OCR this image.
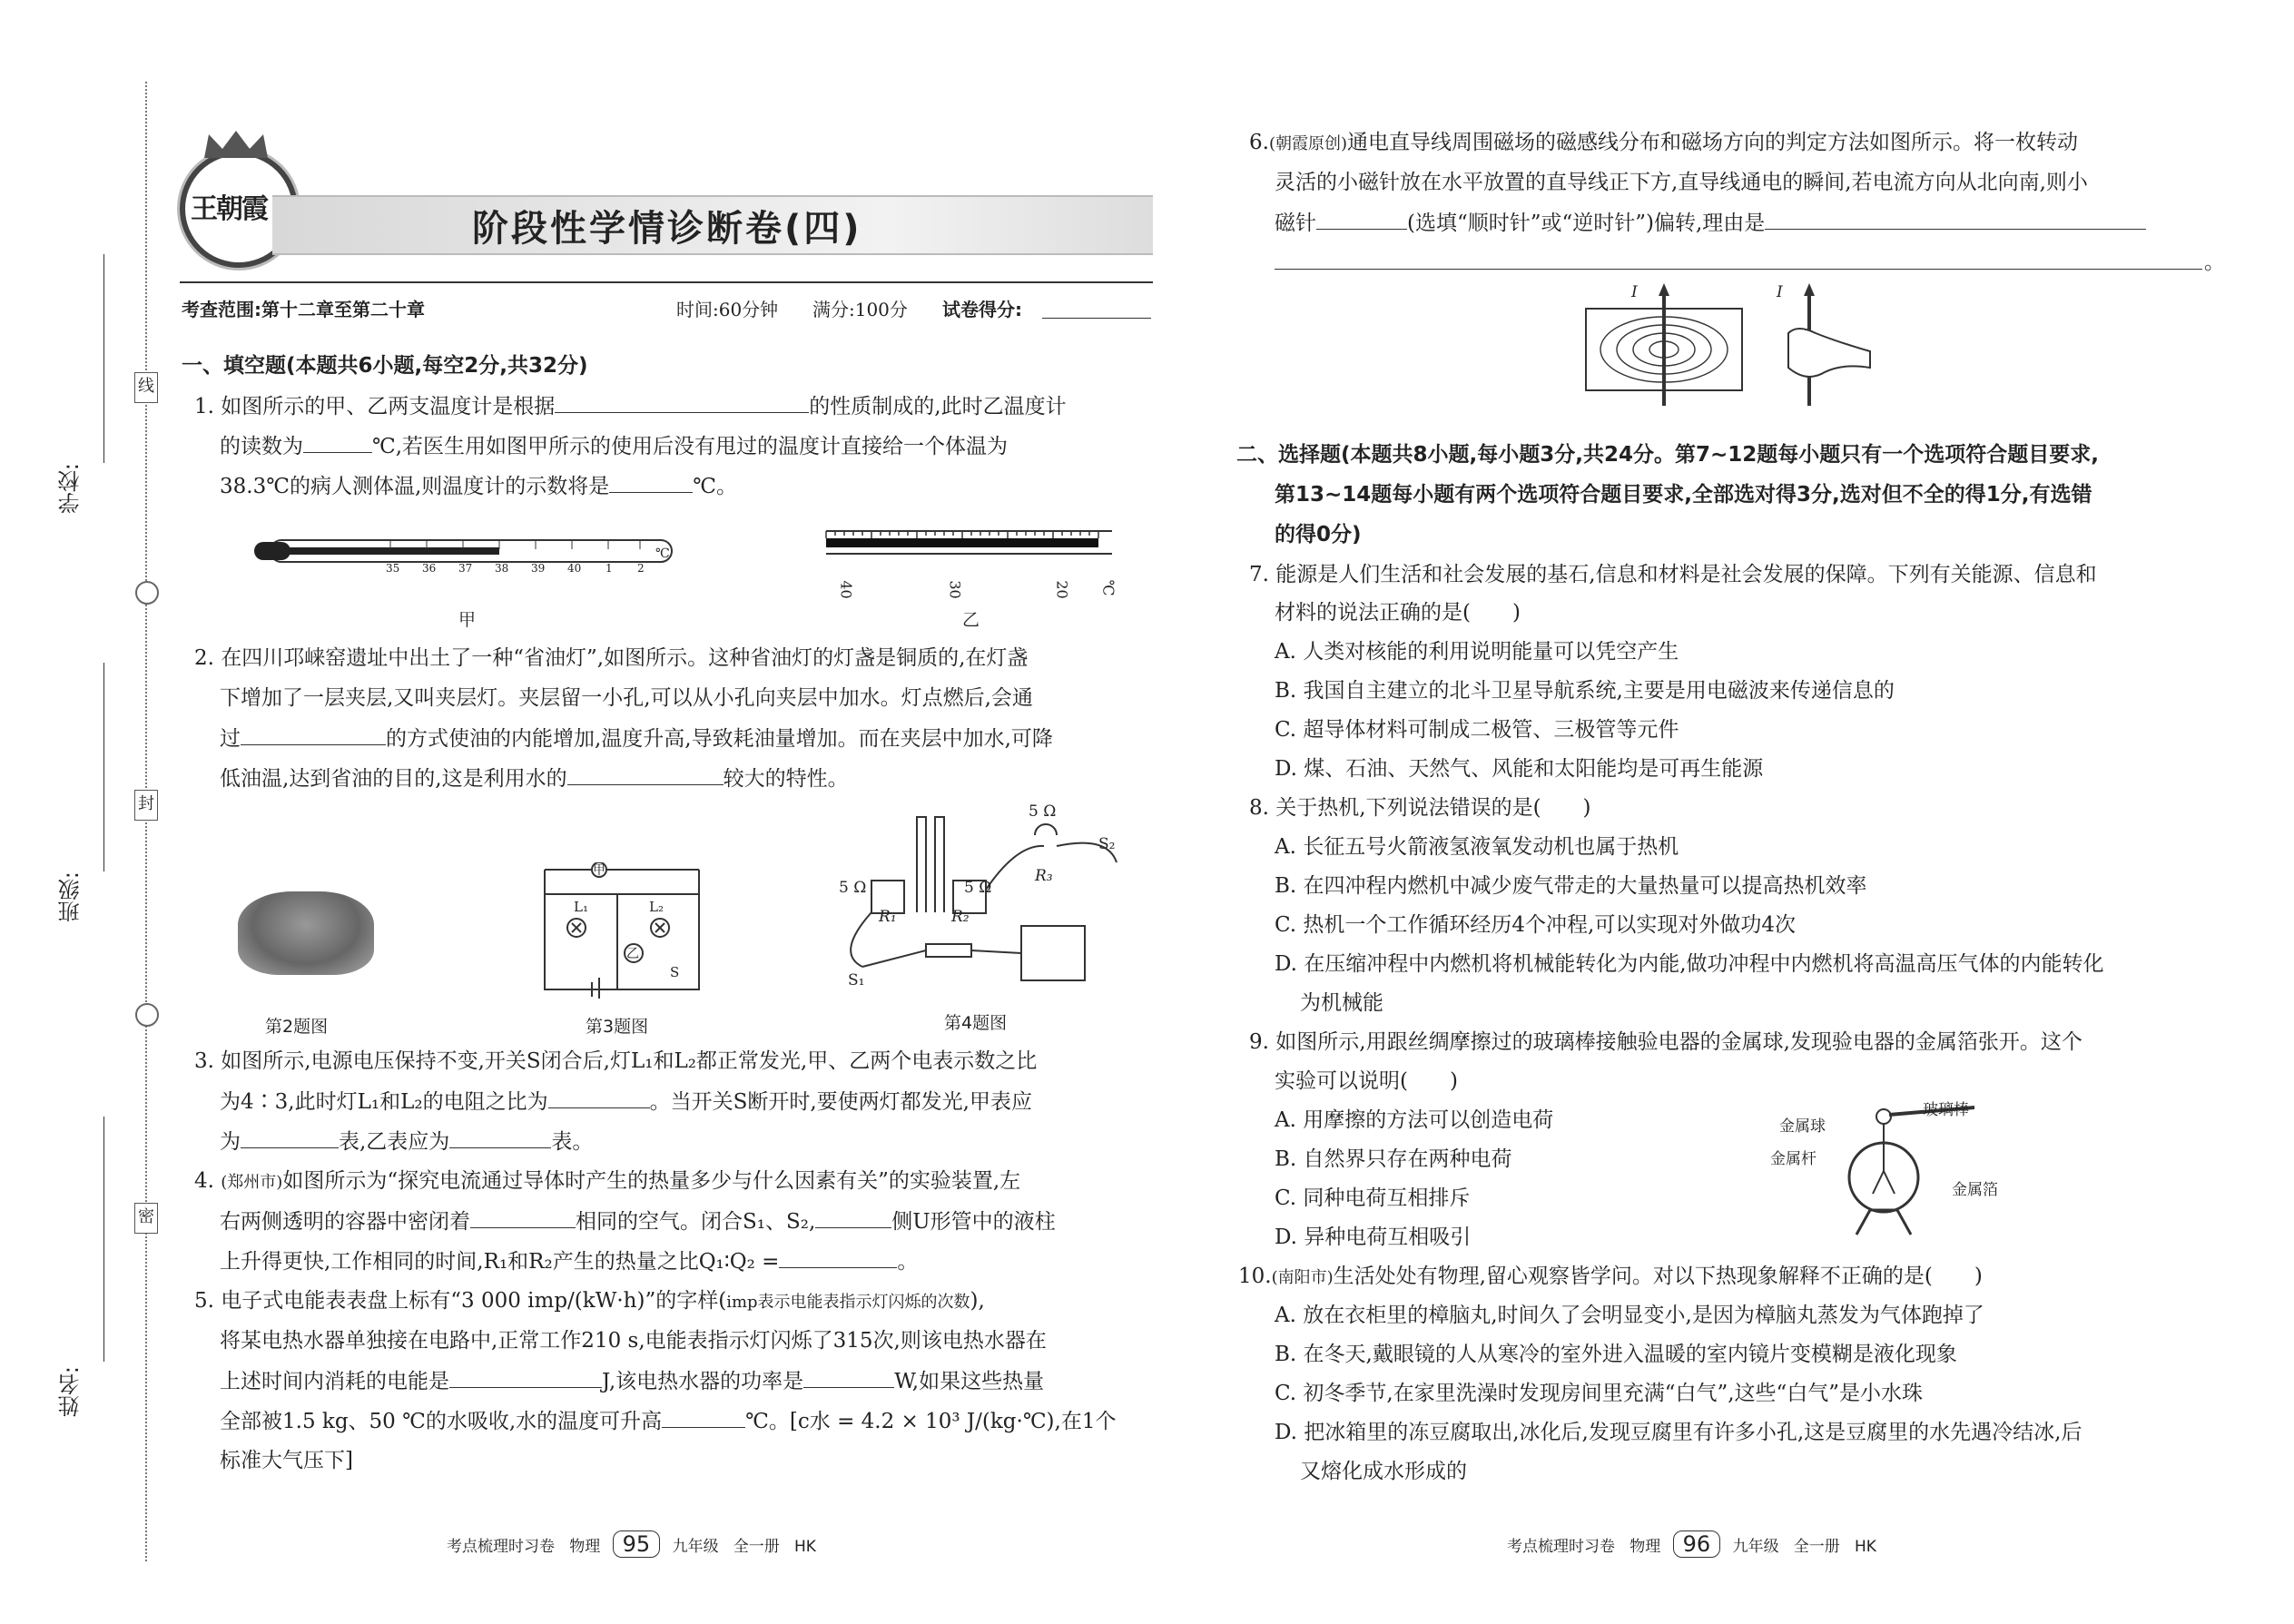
学校:
班级:
姓名:
线
封
密
王朝霞	阶段性学情诊断卷(四)
考查范围:第十二章至第二十章	时间:60分钟 满分:100分 试卷得分:
一、填空题(本题共6小题,每空2分,共32分)
1. 如图所示的甲、乙两支温度计是根据	的性质制成的,此时乙温度计
的读数为	℃,若医生用如图甲所示的使用后没有甩过的温度计直接给一个体温为
38.3℃的病人测体温,则温度计的示数将是	℃。
35 36 37 38 39 40 1 2
℃
甲
40	30	20 ℃
乙
2. 在四川邛崃窑遗址中出土了一种“省油灯”,如图所示。这种省油灯的灯盏是铜质的,在灯盏
下增加了一层夹层,又叫夹层灯。夹层留一小孔,可以从小孔向夹层中加水。灯点燃后,会通
过	的方式使油的内能增加,温度升高,导致耗油量增加。而在夹层中加水,可降
低油温,达到省油的目的,这是利用水的	较大的特性。
第2题图
甲
乙
L₁	L₂
S
第3题图
5 Ω
5 Ω	5 Ω
R₁	R₂
R₃
S₁
S₂
第4题图
3. 如图所示,电源电压保持不变,开关S闭合后,灯L₁和L₂都正常发光,甲、乙两个电表示数之比
为4∶3,此时灯L₁和L₂的电阻之比为	。当开关S断开时,要使两灯都发光,甲表应
为	表,乙表应为	表。
4. (郑州市)如图所示为“探究电流通过导体时产生的热量多少与什么因素有关”的实验装置,左
右两侧透明的容器中密闭着	相同的空气。闭合S₁、S₂,	侧U形管中的液柱
上升得更快,工作相同的时间,R₁和R₂产生的热量之比Q₁∶Q₂ =	。
5. 电子式电能表表盘上标有“3 000 imp/(kW·h)”的字样(imp表示电能表指示灯闪烁的次数),
将某电热水器单独接在电路中,正常工作210 s,电能表指示灯闪烁了315次,则该电热水器在
上述时间内消耗的电能是	J,该电热水器的功率是	W,如果这些热量
全部被1.5 kg、50 ℃的水吸收,水的温度可升高	℃。[c水 = 4.2 × 10³ J/(kg·℃),在1个
标准大气压下]
6.(朝霞原创)通电直导线周围磁场的磁感线分布和磁场方向的判定方法如图所示。将一枚转动
灵活的小磁针放在水平放置的直导线正下方,直导线通电的瞬间,若电流方向从北向南,则小
磁针	(选填“顺时针”或“逆时针”)偏转,理由是
。
I	I
二、选择题(本题共8小题,每小题3分,共24分。第7~12题每小题只有一个选项符合题目要求,
第13~14题每小题有两个选项符合题目要求,全部选对得3分,选对但不全的得1分,有选错
的得0分)
7. 能源是人们生活和社会发展的基石,信息和材料是社会发展的保障。下列有关能源、信息和
材料的说法正确的是(　　)
A. 人类对核能的利用说明能量可以凭空产生
B. 我国自主建立的北斗卫星导航系统,主要是用电磁波来传递信息的
C. 超导体材料可制成二极管、三极管等元件
D. 煤、石油、天然气、风能和太阳能均是可再生能源
8. 关于热机,下列说法错误的是(　　)
A. 长征五号火箭液氢液氧发动机也属于热机
B. 在四冲程内燃机中减少废气带走的大量热量可以提高热机效率
C. 热机一个工作循环经历4个冲程,可以实现对外做功4次
D. 在压缩冲程中内燃机将机械能转化为内能,做功冲程中内燃机将高温高压气体的内能转化
为机械能
9. 如图所示,用跟丝绸摩擦过的玻璃棒接触验电器的金属球,发现验电器的金属箔张开。这个
实验可以说明(　　)
A. 用摩擦的方法可以创造电荷
B. 自然界只存在两种电荷
C. 同种电荷互相排斥
D. 异种电荷互相吸引
金属球
玻璃棒
金属杆
金属箔
10.(南阳市)生活处处有物理,留心观察皆学问。对以下热现象解释不正确的是(　　)
A. 放在衣柜里的樟脑丸,时间久了会明显变小,是因为樟脑丸蒸发为气体跑掉了
B. 在冬天,戴眼镜的人从寒冷的室外进入温暖的室内镜片变模糊是液化现象
C. 初冬季节,在家里洗澡时发现房间里充满“白气”,这些“白气”是小水珠
D. 把冰箱里的冻豆腐取出,冰化后,发现豆腐里有许多小孔,这是豆腐里的水先遇冷结冰,后
又熔化成水形成的
考点梳理时习卷 物理 95 九年级 全一册 HK	考点梳理时习卷 物理 96 九年级 全一册 HK
